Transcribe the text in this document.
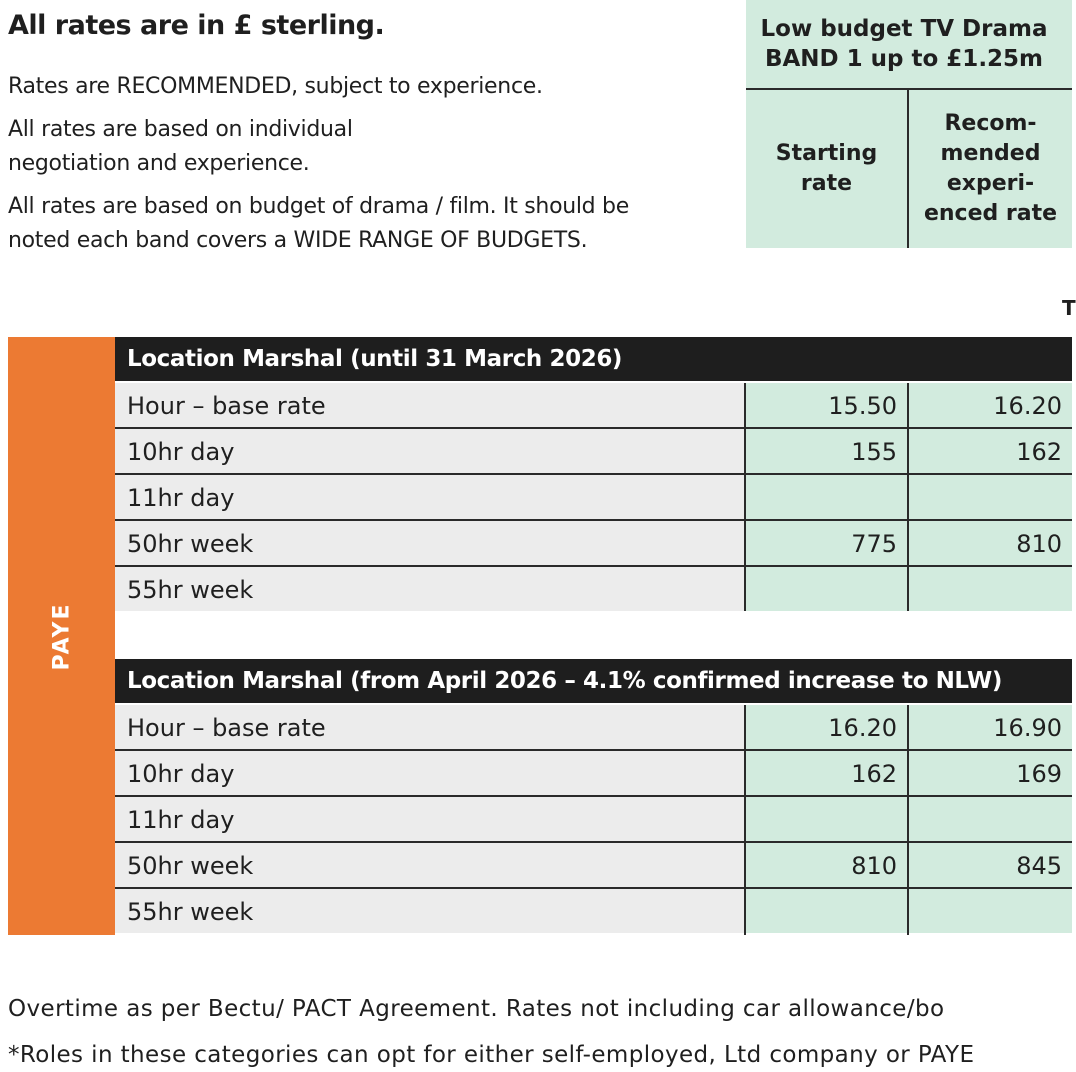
All rates are in £ sterling.
Rates are RECOMMENDED, subject to experience.
All rates are based on individual
negotiation and experience.
All rates are based on budget of drama / film. It should be
noted each band covers a WIDE RANGE OF BUDGETS.
Low budget TV Drama
BAND 1 up to £1.25m
Starting
rate
Recom-
mended
experi-
enced rate
T
PAYE
Location Marshal (until 31 March 2026)
Hour – base rate	15.50	16.20
10hr day	155	162
11hr day
50hr week	775	810
55hr week
Location Marshal (from April 2026 – 4.1% confirmed increase to NLW)
Hour – base rate	16.20	16.90
10hr day	162	169
11hr day
50hr week	810	845
55hr week
Overtime as per Bectu/ PACT Agreement. Rates not including car allowance/bo
*Roles in these categories can opt for either self-employed, Ltd company or PAYE
